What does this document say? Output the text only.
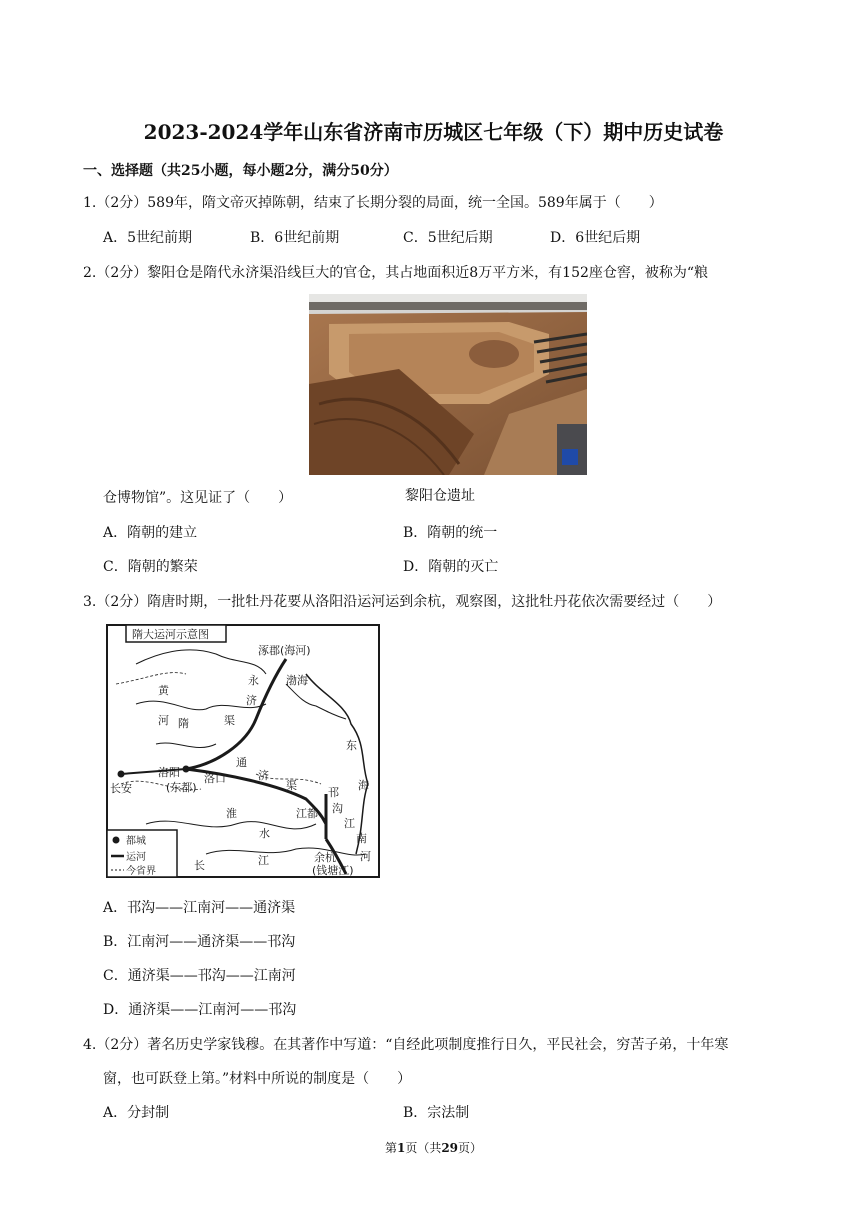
2023-2024学年山东省济南市历城区七年级（下）期中历史试卷
一、选择题（共25小题，每小题2分，满分50分）
1.（2分）589年，隋文帝灭掉陈朝，结束了长期分裂的局面，统一全国。589年属于（　　）
A．5世纪前期	B．6世纪前期	C．5世纪后期	D．6世纪后期
2.（2分）黎阳仓是隋代永济渠沿线巨大的官仓，其占地面积近8万平方米，有152座仓窖，被称为“粮
仓博物馆”。这见证了（　　）	黎阳仓遗址
A．隋朝的建立	B．隋朝的统一
C．隋朝的繁荣	D．隋朝的灭亡
3.（2分）隋唐时期，一批牡丹花要从洛阳沿运河运到余杭，观察图，这批牡丹花依次需要经过（　　）
隋大运河示意图
涿郡(海河)
渤海
永
济
渠
黄
河 隋
东
海
通
济
渠
洛阳
(东都)
洛口
长安
淮
水
邗
沟
江都
江
南
河
长	江	余杭
(钱塘江)
都城
运河
今省界
A．邗沟——江南河——通济渠
B．江南河——通济渠——邗沟
C．通济渠——邗沟——江南河
D．通济渠——江南河——邗沟
4.（2分）著名历史学家钱穆。在其著作中写道：“自经此项制度推行日久，平民社会，穷苦子弟，十年寒
窗，也可跃登上第。”材料中所说的制度是（　　）
A．分封制	B．宗法制
第1页（共29页）
